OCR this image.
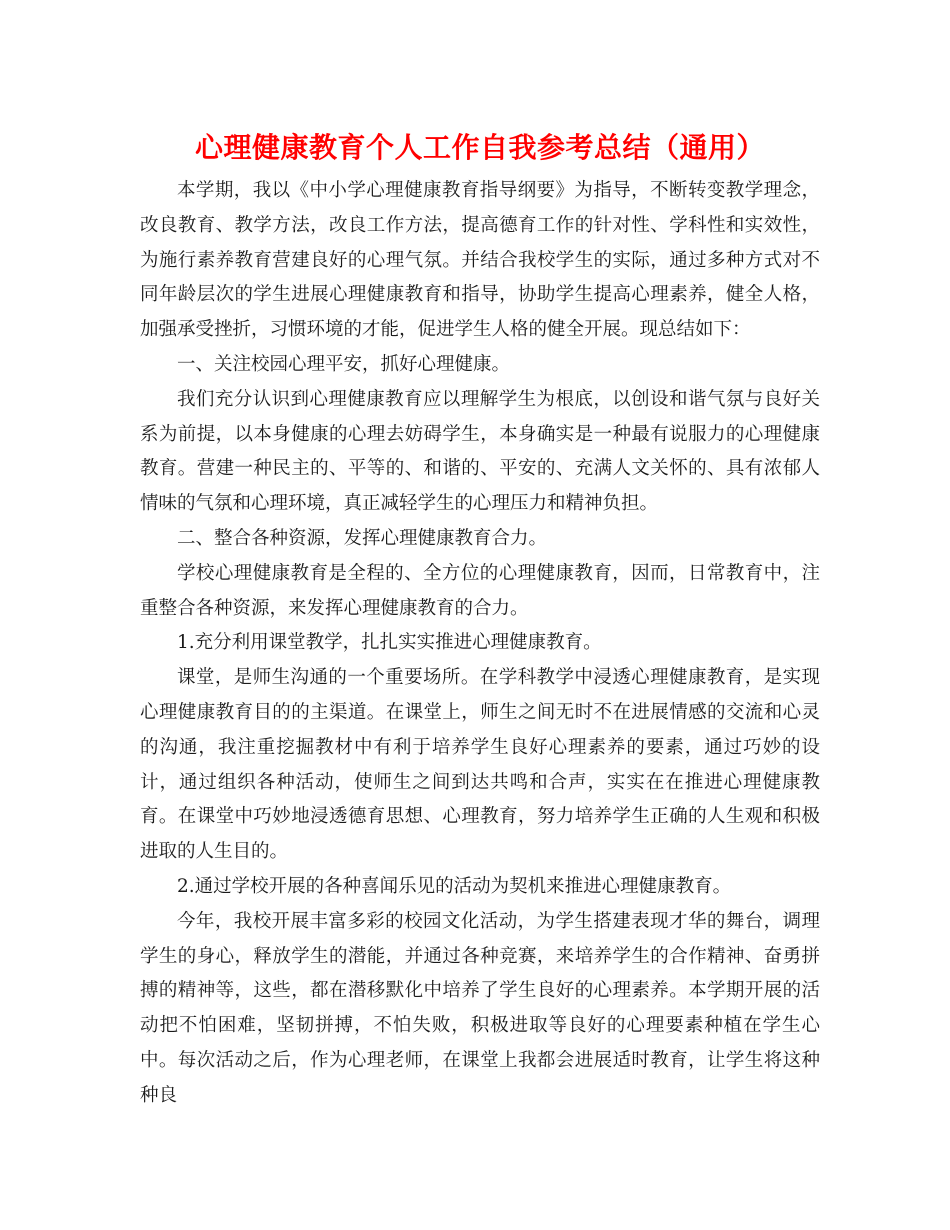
心理健康教育个人工作自我参考总结（通用）

本学期，我以《中小学心理健康教育指导纲要》为指导，不断转变教学理念，改良教育、教学方法，改良工作方法，提高德育工作的针对性、学科性和实效性，为施行素养教育营建良好的心理气氛。并结合我校学生的实际，通过多种方式对不同年龄层次的学生进展心理健康教育和指导，协助学生提高心理素养，健全人格，加强承受挫折，习惯环境的才能，促进学生人格的健全开展。现总结如下：

一、关注校园心理平安，抓好心理健康。

我们充分认识到心理健康教育应以理解学生为根底，以创设和谐气氛与良好关系为前提，以本身健康的心理去妨碍学生，本身确实是一种最有说服力的心理健康教育。营建一种民主的、平等的、和谐的、平安的、充满人文关怀的、具有浓郁人情味的气氛和心理环境，真正减轻学生的心理压力和精神负担。

二、整合各种资源，发挥心理健康教育合力。

学校心理健康教育是全程的、全方位的心理健康教育，因而，日常教育中，注重整合各种资源，来发挥心理健康教育的合力。

1.充分利用课堂教学，扎扎实实推进心理健康教育。

课堂，是师生沟通的一个重要场所。在学科教学中浸透心理健康教育，是实现心理健康教育目的的主渠道。在课堂上，师生之间无时不在进展情感的交流和心灵的沟通，我注重挖掘教材中有利于培养学生良好心理素养的要素，通过巧妙的设计，通过组织各种活动，使师生之间到达共鸣和合声，实实在在推进心理健康教育。在课堂中巧妙地浸透德育思想、心理教育，努力培养学生正确的人生观和积极进取的人生目的。

2.通过学校开展的各种喜闻乐见的活动为契机来推进心理健康教育。

今年，我校开展丰富多彩的校园文化活动，为学生搭建表现才华的舞台，调理学生的身心，释放学生的潜能，并通过各种竞赛，来培养学生的合作精神、奋勇拼搏的精神等，这些，都在潜移默化中培养了学生良好的心理素养。本学期开展的活动把不怕困难，坚韧拼搏，不怕失败，积极进取等良好的心理要素种植在学生心中。每次活动之后，作为心理老师，在课堂上我都会进展适时教育，让学生将这种种良
